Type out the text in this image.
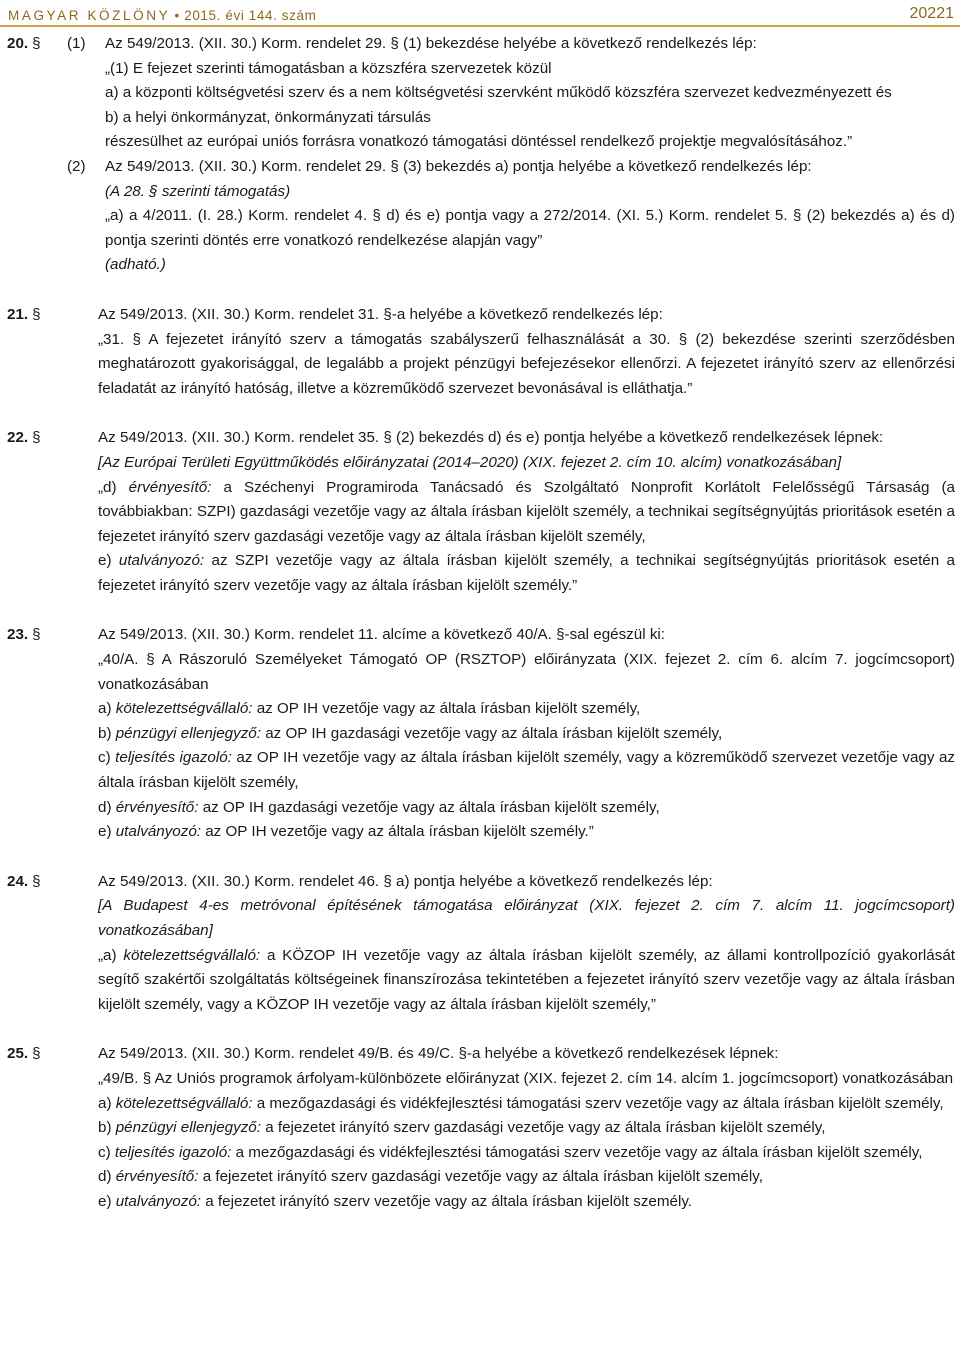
MAGYAR KÖZLÖNY • 2015. évi 144. szám	20221
20. §	(1) Az 549/2013. (XII. 30.) Korm. rendelet 29. § (1) bekezdése helyébe a következő rendelkezés lép:
„(1) E fejezet szerinti támogatásban a közszféra szervezetek közül
a) a központi költségvetési szerv és a nem költségvetési szervként működő közszféra szervezet kedvezményezett és
b) a helyi önkormányzat, önkormányzati társulás
részesülhet az európai uniós forrásra vonatkozó támogatási döntéssel rendelkező projektje megvalósításához.”
(2) Az 549/2013. (XII. 30.) Korm. rendelet 29. § (3) bekezdés a) pontja helyébe a következő rendelkezés lép:
(A 28. § szerinti támogatás)
„a) a 4/2011. (I. 28.) Korm. rendelet 4. § d) és e) pontja vagy a 272/2014. (XI. 5.) Korm. rendelet 5. § (2) bekezdés a) és d) pontja szerinti döntés erre vonatkozó rendelkezése alapján vagy”
(adható.)
21. §	Az 549/2013. (XII. 30.) Korm. rendelet 31. §-a helyébe a következő rendelkezés lép:
„31. § A fejezetet irányító szerv a támogatás szabályszerű felhasználását a 30. § (2) bekezdése szerinti szerződésben meghatározott gyakorisággal, de legalább a projekt pénzügyi befejezésekor ellenőrzi. A fejezetet irányító szerv az ellenőrzési feladatát az irányító hatóság, illetve a közreműködő szervezet bevonásával is elláthatja.”
22. §	Az 549/2013. (XII. 30.) Korm. rendelet 35. § (2) bekezdés d) és e) pontja helyébe a következő rendelkezések lépnek:
[Az Európai Területi Együttműködés előirányzatai (2014–2020) (XIX. fejezet 2. cím 10. alcím) vonatkozásában]
„d) érvényesítő: a Széchenyi Programiroda Tanácsadó és Szolgáltató Nonprofit Korlátolt Felelősségű Társaság (a továbbiakban: SZPI) gazdasági vezetője vagy az általa írásban kijelölt személy, a technikai segítségnyújtás prioritások esetén a fejezetet irányító szerv gazdasági vezetője vagy az általa írásban kijelölt személy,
e) utalványozó: az SZPI vezetője vagy az általa írásban kijelölt személy, a technikai segítségnyújtás prioritások esetén a fejezetet irányító szerv vezetője vagy az általa írásban kijelölt személy.”
23. §	Az 549/2013. (XII. 30.) Korm. rendelet 11. alcíme a következő 40/A. §-sal egészül ki:
„40/A. § A Rászoruló Személyeket Támogató OP (RSZTOP) előirányzata (XIX. fejezet 2. cím 6. alcím 7. jogcímcsoport) vonatkozásában
a) kötelezettségvállaló: az OP IH vezetője vagy az általa írásban kijelölt személy,
b) pénzügyi ellenjegyző: az OP IH gazdasági vezetője vagy az általa írásban kijelölt személy,
c) teljesítés igazoló: az OP IH vezetője vagy az általa írásban kijelölt személy, vagy a közreműködő szervezet vezetője vagy az általa írásban kijelölt személy,
d) érvényesítő: az OP IH gazdasági vezetője vagy az általa írásban kijelölt személy,
e) utalványozó: az OP IH vezetője vagy az általa írásban kijelölt személy.”
24. §	Az 549/2013. (XII. 30.) Korm. rendelet 46. § a) pontja helyébe a következő rendelkezés lép:
[A Budapest 4-es metróvonal építésének támogatása előirányzat (XIX. fejezet 2. cím 7. alcím 11. jogcímcsoport) vonatkozásában]
„a) kötelezettségvállaló: a KÖZOP IH vezetője vagy az általa írásban kijelölt személy, az állami kontrollpozíció gyakorlását segítő szakértői szolgáltatás költségeinek finanszírozása tekintetében a fejezetet irányító szerv vezetője vagy az általa írásban kijelölt személy, vagy a KÖZOP IH vezetője vagy az általa írásban kijelölt személy,”
25. §	Az 549/2013. (XII. 30.) Korm. rendelet 49/B. és 49/C. §-a helyébe a következő rendelkezések lépnek:
„49/B. § Az Uniós programok árfolyam-különbözete előirányzat (XIX. fejezet 2. cím 14. alcím 1. jogcímcsoport) vonatkozásában
a) kötelezettségvállaló: a mezőgazdasági és vidékfejlesztési támogatási szerv vezetője vagy az általa írásban kijelölt személy,
b) pénzügyi ellenjegyző: a fejezetet irányító szerv gazdasági vezetője vagy az általa írásban kijelölt személy,
c) teljesítés igazoló: a mezőgazdasági és vidékfejlesztési támogatási szerv vezetője vagy az általa írásban kijelölt személy,
d) érvényesítő: a fejezetet irányító szerv gazdasági vezetője vagy az általa írásban kijelölt személy,
e) utalványozó: a fejezetet irányító szerv vezetője vagy az általa írásban kijelölt személy.
